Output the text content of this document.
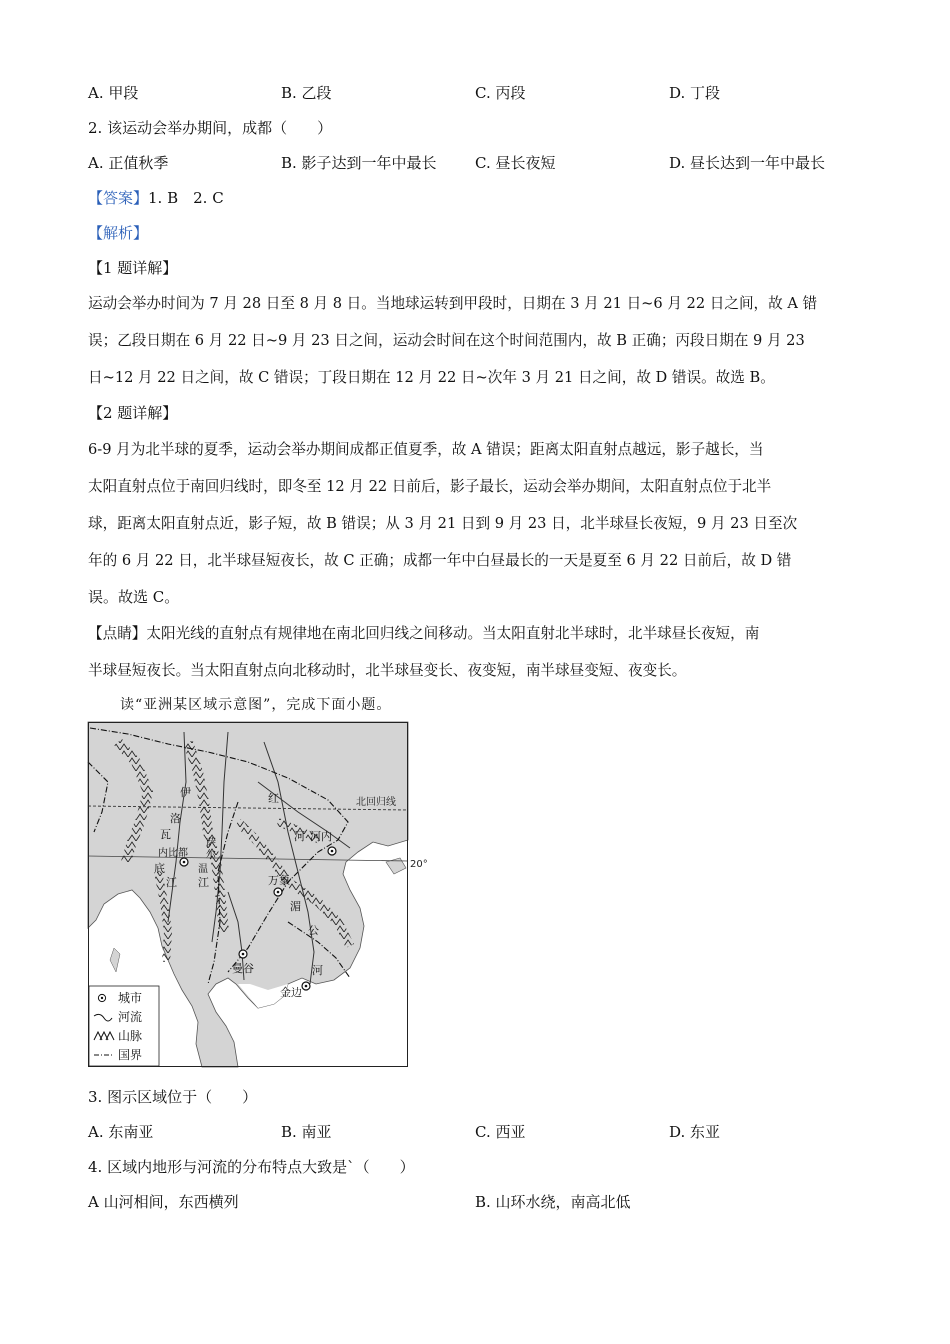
A. 甲段	B. 乙段	C. 丙段	D. 丁段
2. 该运动会举办期间，成都（　　）
A. 正值秋季	B. 影子达到一年中最长	C. 昼长夜短	D. 昼长达到一年中最长
【答案】1. B　2. C
【解析】
【1 题详解】
运动会举办时间为 7 月 28 日至 8 月 8 日。当地球运转到甲段时，日期在 3 月 21 日~6 月 22 日之间，故 A 错
误；乙段日期在 6 月 22 日~9 月 23 日之间，运动会时间在这个时间范围内，故 B 正确；丙段日期在 9 月 23
日~12 月 22 日之间，故 C 错误；丁段日期在 12 月 22 日~次年 3 月 21 日之间，故 D 错误。故选 B。
【2 题详解】
6-9 月为北半球的夏季，运动会举办期间成都正值夏季，故 A 错误；距离太阳直射点越远，影子越长，当
太阳直射点位于南回归线时，即冬至 12 月 22 日前后，影子最长，运动会举办期间，太阳直射点位于北半
球，距离太阳直射点近，影子短，故 B 错误；从 3 月 21 日到 9 月 23 日，北半球昼长夜短，9 月 23 日至次
年的 6 月 22 日，北半球昼短夜长，故 C 正确；成都一年中白昼最长的一天是夏至 6 月 22 日前后，故 D 错
误。故选 C。
【点睛】太阳光线的直射点有规律地在南北回归线之间移动。当太阳直射北半球时，北半球昼长夜短，南
半球昼短夜长。当太阳直射点向北移动时，北半球昼变长、夜变短，南半球昼变短、夜变长。
读“亚洲某区域示意图”，完成下面小题。
北回归线
20°
河内
内比都
万象
曼谷
金边
红
河
伊
洛
瓦
底
江
萨
尔
温
江
湄
公
河
城市
河流
山脉
国界
3. 图示区域位于（　　）
A. 东南亚	B. 南亚	C. 西亚	D. 东亚
4. 区域内地形与河流的分布特点大致是`（　　）
A 山河相间，东西横列	B. 山环水绕，南高北低
